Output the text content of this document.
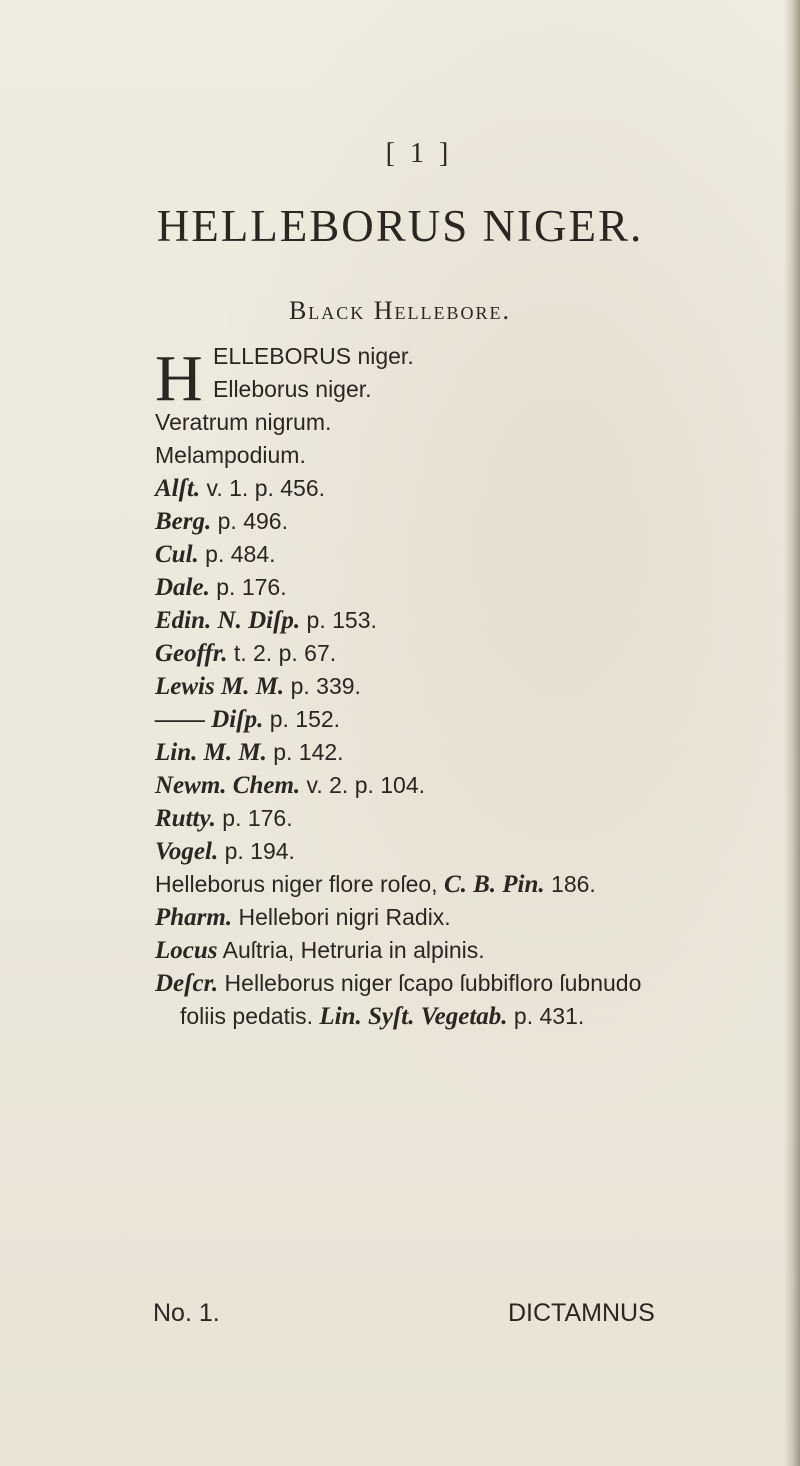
[ 1 ]
HELLEBORUS NIGER.
Black Hellebore.
H ELLEBORUS niger.
Elleborus niger.
Veratrum nigrum.
Melampodium.
Alſt. v. 1. p. 456.
Berg. p. 496.
Cul. p. 484.
Dale. p. 176.
Edin. N. Diſp. p. 153.
Geoffr. t. 2. p. 67.
Lewis M. M. p. 339.
—— Diſp. p. 152.
Lin. M. M. p. 142.
Newm. Chem. v. 2. p. 104.
Rutty. p. 176.
Vogel. p. 194.
Helleborus niger flore roſeo, C. B. Pin. 186.
Pharm. Hellebori nigri Radix.
Locus Auſtria, Hetruria in alpinis.
Deſcr. Helleborus niger ſcapo ſubbifloro ſubnudo
foliis pedatis. Lin. Syſt. Vegetab. p. 431.
No. 1.	DICTAMNUS
